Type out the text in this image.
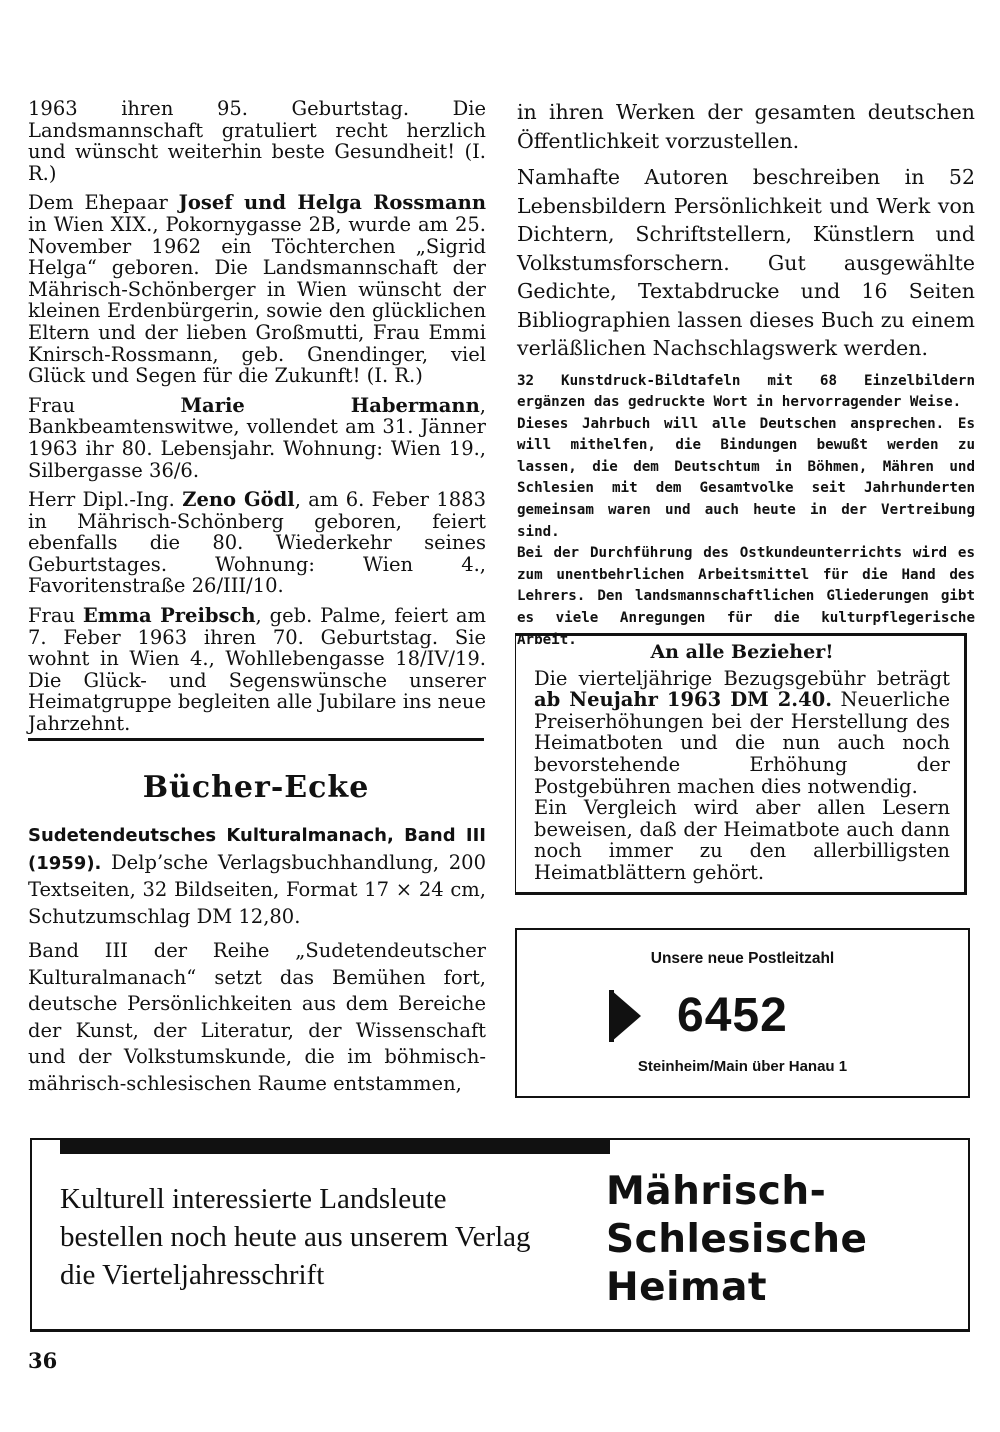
1963 ihren 95. Geburtstag. Die Landsmannschaft gratuliert recht herzlich und wünscht weiterhin beste Gesundheit! (I. R.)

Dem Ehepaar Josef und Helga Rossmann in Wien XIX., Pokornygasse 2B, wurde am 25. November 1962 ein Töchterchen „Sigrid Helga“ geboren. Die Landsmannschaft der Mährisch-Schönberger in Wien wünscht der kleinen Erdenbürgerin, sowie den glücklichen Eltern und der lieben Großmutti, Frau Emmi Knirsch-Rossmann, geb. Gnendinger, viel Glück und Segen für die Zukunft! (I. R.)

Frau Marie Habermann, Bankbeamtenswitwe, vollendet am 31. Jänner 1963 ihr 80. Lebensjahr. Wohnung: Wien 19., Silbergasse 36/6.

Herr Dipl.-Ing. Zeno Gödl, am 6. Feber 1883 in Mährisch-Schönberg geboren, feiert ebenfalls die 80. Wiederkehr seines Geburtstages. Wohnung: Wien 4., Favoritenstraße 26/III/10.

Frau Emma Preibsch, geb. Palme, feiert am 7. Feber 1963 ihren 70. Geburtstag. Sie wohnt in Wien 4., Wohllebengasse 18/IV/19. Die Glück- und Segenswünsche unserer Heimatgruppe begleiten alle Jubilare ins neue Jahrzehnt.

Bücher-Ecke

Sudetendeutsches Kulturalmanach, Band III (1959). Delp’sche Verlagsbuchhandlung, 200 Textseiten, 32 Bildseiten, Format 17 × 24 cm, Schutzumschlag DM 12,80.

Band III der Reihe „Sudetendeutscher Kulturalmanach“ setzt das Bemühen fort, deutsche Persönlichkeiten aus dem Bereiche der Kunst, der Literatur, der Wissenschaft und der Volkstumskunde, die im böhmisch-mährisch-schlesischen Raume entstammen,

in ihren Werken der gesamten deutschen Öffentlichkeit vorzustellen.

Namhafte Autoren beschreiben in 52 Lebensbildern Persönlichkeit und Werk von Dichtern, Schriftstellern, Künstlern und Volkstumsforschern. Gut ausgewählte Gedichte, Textabdrucke und 16 Seiten Bibliographien lassen dieses Buch zu einem verläßlichen Nachschlagswerk werden.

32 Kunstdruck-Bildtafeln mit 68 Einzelbildern ergänzen das gedruckte Wort in hervorragender Weise.

Dieses Jahrbuch will alle Deutschen ansprechen. Es will mithelfen, die Bindungen bewußt werden zu lassen, die dem Deutschtum in Böhmen, Mähren und Schlesien mit dem Gesamtvolke seit Jahrhunderten gemeinsam waren und auch heute in der Vertreibung sind.

Bei der Durchführung des Ostkundeunterrichts wird es zum unentbehrlichen Arbeitsmittel für die Hand des Lehrers. Den landsmannschaftlichen Gliederungen gibt es viele Anregungen für die kulturpflegerische Arbeit.

An alle Bezieher!

Die vierteljährige Bezugsgebühr beträgt ab Neujahr 1963 DM 2.40. Neuerliche Preiserhöhungen bei der Herstellung des Heimatboten und die nun auch noch bevorstehende Erhöhung der Postgebühren machen dies notwendig.

Ein Vergleich wird aber allen Lesern beweisen, daß der Heimatbote auch dann noch immer zu den allerbilligsten Heimatblättern gehört.

Unsere neue Postleitzahl
6452
Steinheim/Main über Hanau 1
Kulturell interessierte Landsleute
bestellen noch heute aus unserem Verlag
die Vierteljahresschrift
Mährisch-
Schlesische
Heimat
36
